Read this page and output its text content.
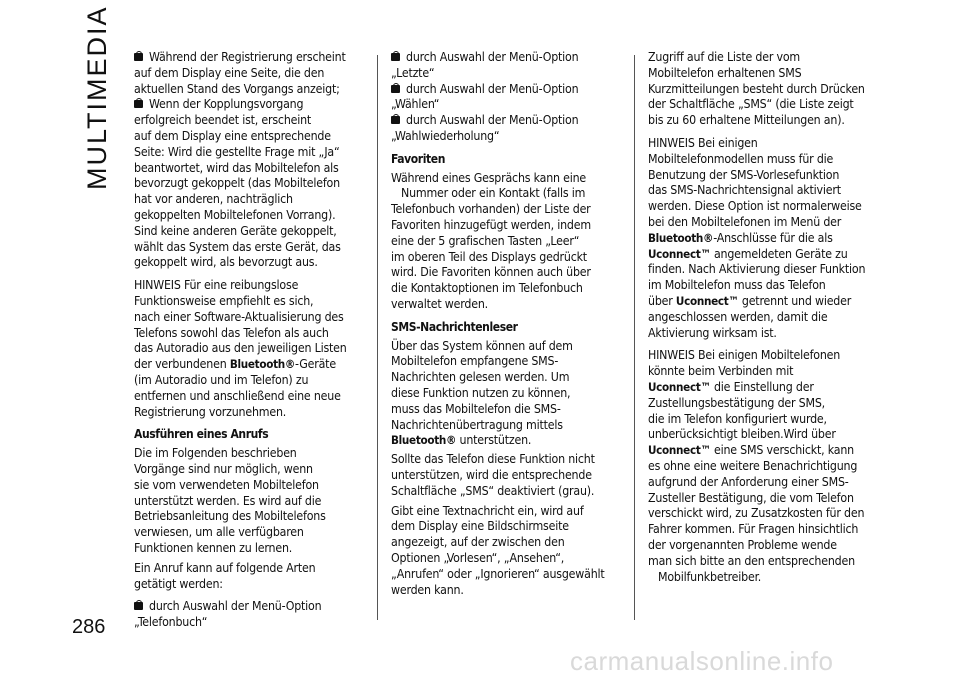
MULTIMEDIA	Während der Registrierung erscheint
auf dem Display eine Seite, die den
aktuellen Stand des Vorgangs anzeigt;
Wenn der Kopplungsvorgang
erfolgreich beendet ist, erscheint
auf dem Display eine entsprechende
Seite: Wird die gestellte Frage mit „Ja“
beantwortet, wird das Mobiltelefon als
bevorzugt gekoppelt (das Mobiltelefon
hat vor anderen, nachträglich
gekoppelten Mobiltelefonen Vorrang).
Sind keine anderen Geräte gekoppelt,
wählt das System das erste Gerät, das
gekoppelt wird, als bevorzugt aus.
HINWEIS Für eine reibungslose
Funktionsweise empfiehlt es sich,
nach einer Software-Aktualisierung des
Telefons sowohl das Telefon als auch
das Autoradio aus den jeweiligen Listen
der verbundenen Bluetooth®-Geräte
(im Autoradio und im Telefon) zu
entfernen und anschließend eine neue
Registrierung vorzunehmen.
Ausführen eines Anrufs
Die im Folgenden beschrieben
Vorgänge sind nur möglich, wenn
sie vom verwendeten Mobiltelefon
unterstützt werden. Es wird auf die
Betriebsanleitung des Mobiltelefons
verwiesen, um alle verfügbaren
Funktionen kennen zu lernen.
Ein Anruf kann auf folgende Arten
getätigt werden:
durch Auswahl der Menü-Option
„Telefonbuch“
durch Auswahl der Menü-Option
„Letzte“
durch Auswahl der Menü-Option
„Wählen“
durch Auswahl der Menü-Option
„Wahlwiederholung“
Favoriten
Während eines Gesprächs kann eine
Nummer oder ein Kontakt (falls im
Telefonbuch vorhanden) der Liste der
Favoriten hinzugefügt werden, indem
eine der 5 grafischen Tasten „Leer“
im oberen Teil des Displays gedrückt
wird. Die Favoriten können auch über
die Kontaktoptionen im Telefonbuch
verwaltet werden.
SMS-Nachrichtenleser
Über das System können auf dem
Mobiltelefon empfangene SMS-
Nachrichten gelesen werden. Um
diese Funktion nutzen zu können,
muss das Mobiltelefon die SMS-
Nachrichtenübertragung mittels
Bluetooth® unterstützen.
Sollte das Telefon diese Funktion nicht
unterstützen, wird die entsprechende
Schaltfläche „SMS“ deaktiviert (grau).
Gibt eine Textnachricht ein, wird auf
dem Display eine Bildschirmseite
angezeigt, auf der zwischen den
Optionen „Vorlesen“, „Ansehen“,
„Anrufen“ oder „Ignorieren“ ausgewählt
werden kann.
Zugriff auf die Liste der vom
Mobiltelefon erhaltenen SMS
Kurzmitteilungen besteht durch Drücken
der Schaltfläche „SMS“ (die Liste zeigt
bis zu 60 erhaltene Mitteilungen an).
HINWEIS Bei einigen
Mobiltelefonmodellen muss für die
Benutzung der SMS-Vorlesefunktion
das SMS-Nachrichtensignal aktiviert
werden. Diese Option ist normalerweise
bei den Mobiltelefonen im Menü der
Bluetooth®-Anschlüsse für die als
Uconnect™ angemeldeten Geräte zu
finden. Nach Aktivierung dieser Funktion
im Mobiltelefon muss das Telefon
über Uconnect™ getrennt und wieder
angeschlossen werden, damit die
Aktivierung wirksam ist.
HINWEIS Bei einigen Mobiltelefonen
könnte beim Verbinden mit
Uconnect™ die Einstellung der
Zustellungsbestätigung der SMS,
die im Telefon konfiguriert wurde,
unberücksichtigt bleiben.Wird über
Uconnect™ eine SMS verschickt, kann
es ohne eine weitere Benachrichtigung
aufgrund der Anforderung einer SMS-
Zusteller Bestätigung, die vom Telefon
verschickt wird, zu Zusatzkosten für den
Fahrer kommen. Für Fragen hinsichtlich
der vorgenannten Probleme wende
man sich bitte an den entsprechenden
Mobilfunkbetreiber.
286
carmanualsonline.info
